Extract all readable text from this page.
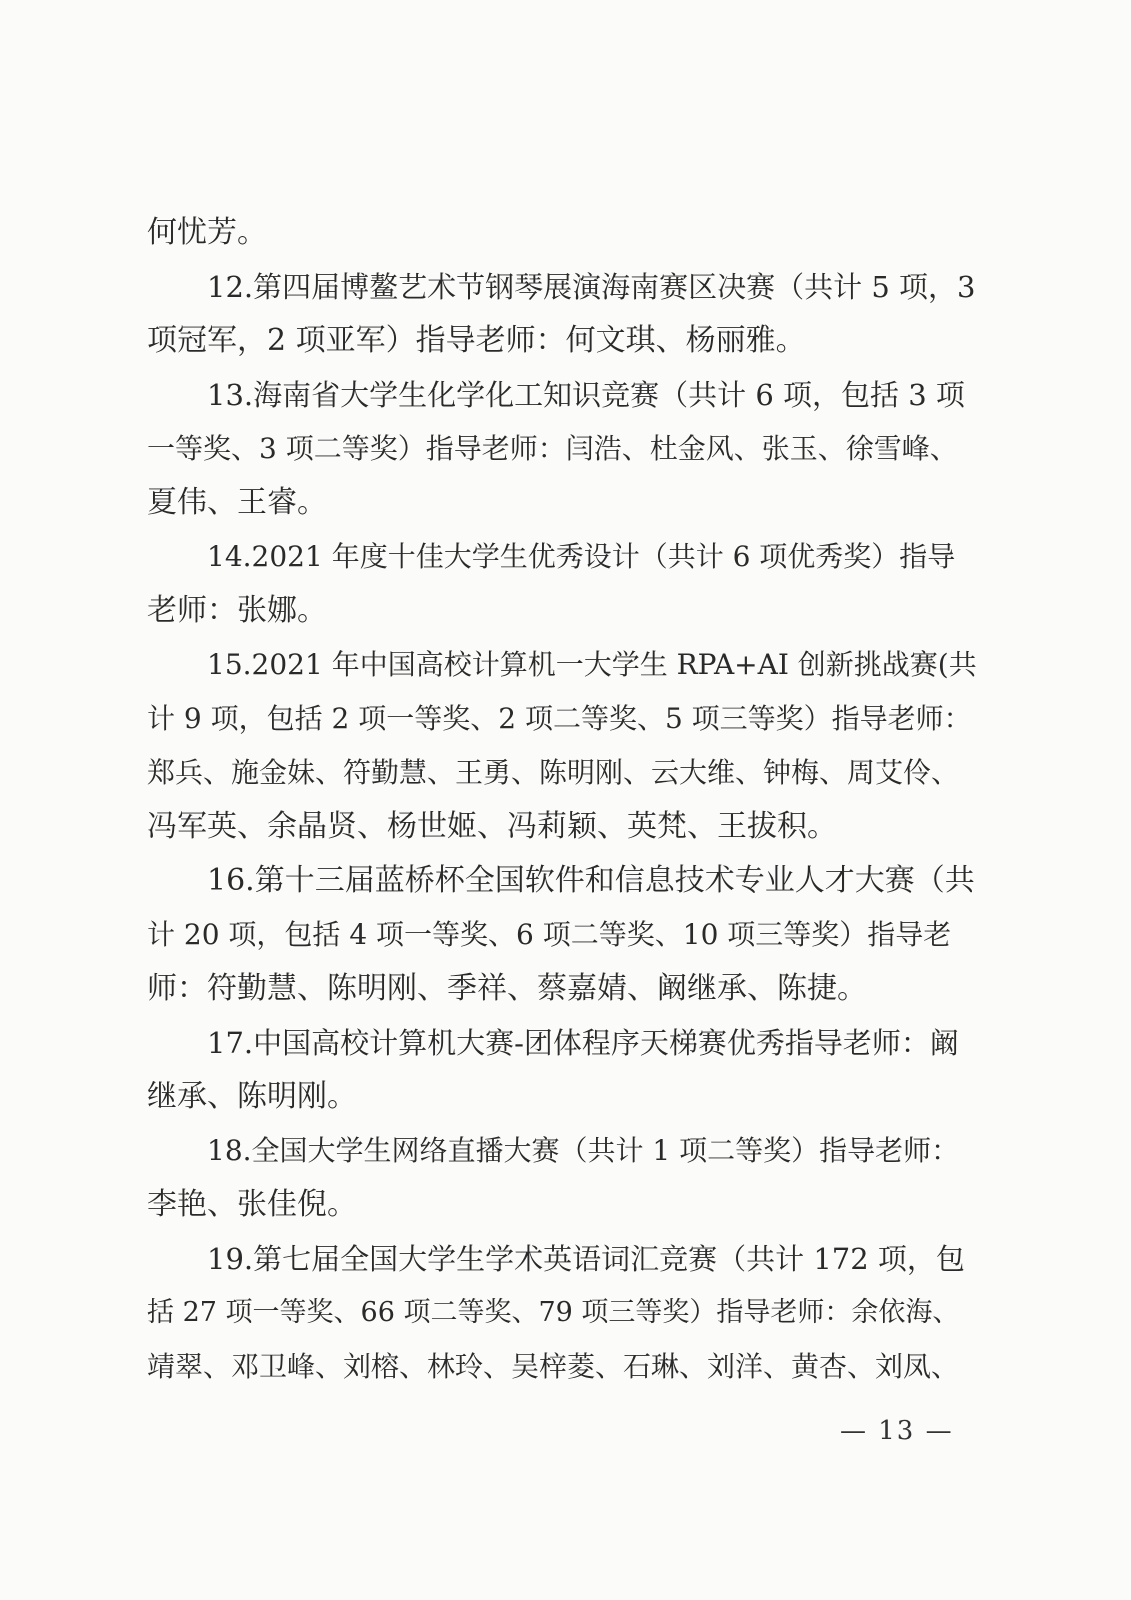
何忧芳。
12.第四届博鳌艺术节钢琴展演海南赛区决赛（共计 5 项，3
项冠军，2 项亚军）指导老师：何文琪、杨丽雅。
13.海南省大学生化学化工知识竞赛（共计 6 项，包括 3 项
一等奖、3 项二等奖）指导老师：闫浩、杜金风、张玉、徐雪峰、
夏伟、王睿。
14.2021 年度十佳大学生优秀设计（共计 6 项优秀奖）指导
老师：张娜。
15.2021 年中国高校计算机一大学生 RPA+AI 创新挑战赛(共
计 9 项，包括 2 项一等奖、2 项二等奖、5 项三等奖）指导老师：
郑兵、施金妹、符勤慧、王勇、陈明刚、云大维、钟梅、周艾伶、
冯军英、余晶贤、杨世姬、冯莉颖、英梵、王拔积。
16.第十三届蓝桥杯全国软件和信息技术专业人才大赛（共
计 20 项，包括 4 项一等奖、6 项二等奖、10 项三等奖）指导老
师：符勤慧、陈明刚、季祥、蔡嘉婧、阚继承、陈捷。
17.中国高校计算机大赛-团体程序天梯赛优秀指导老师：阚
继承、陈明刚。
18.全国大学生网络直播大赛（共计 1 项二等奖）指导老师：
李艳、张佳倪。
19.第七届全国大学生学术英语词汇竞赛（共计 172 项，包
括 27 项一等奖、66 项二等奖、79 项三等奖）指导老师：余依海、
靖翠、邓卫峰、刘榕、林玲、吴梓菱、石琳、刘洋、黄杏、刘凤、
— 13 —
